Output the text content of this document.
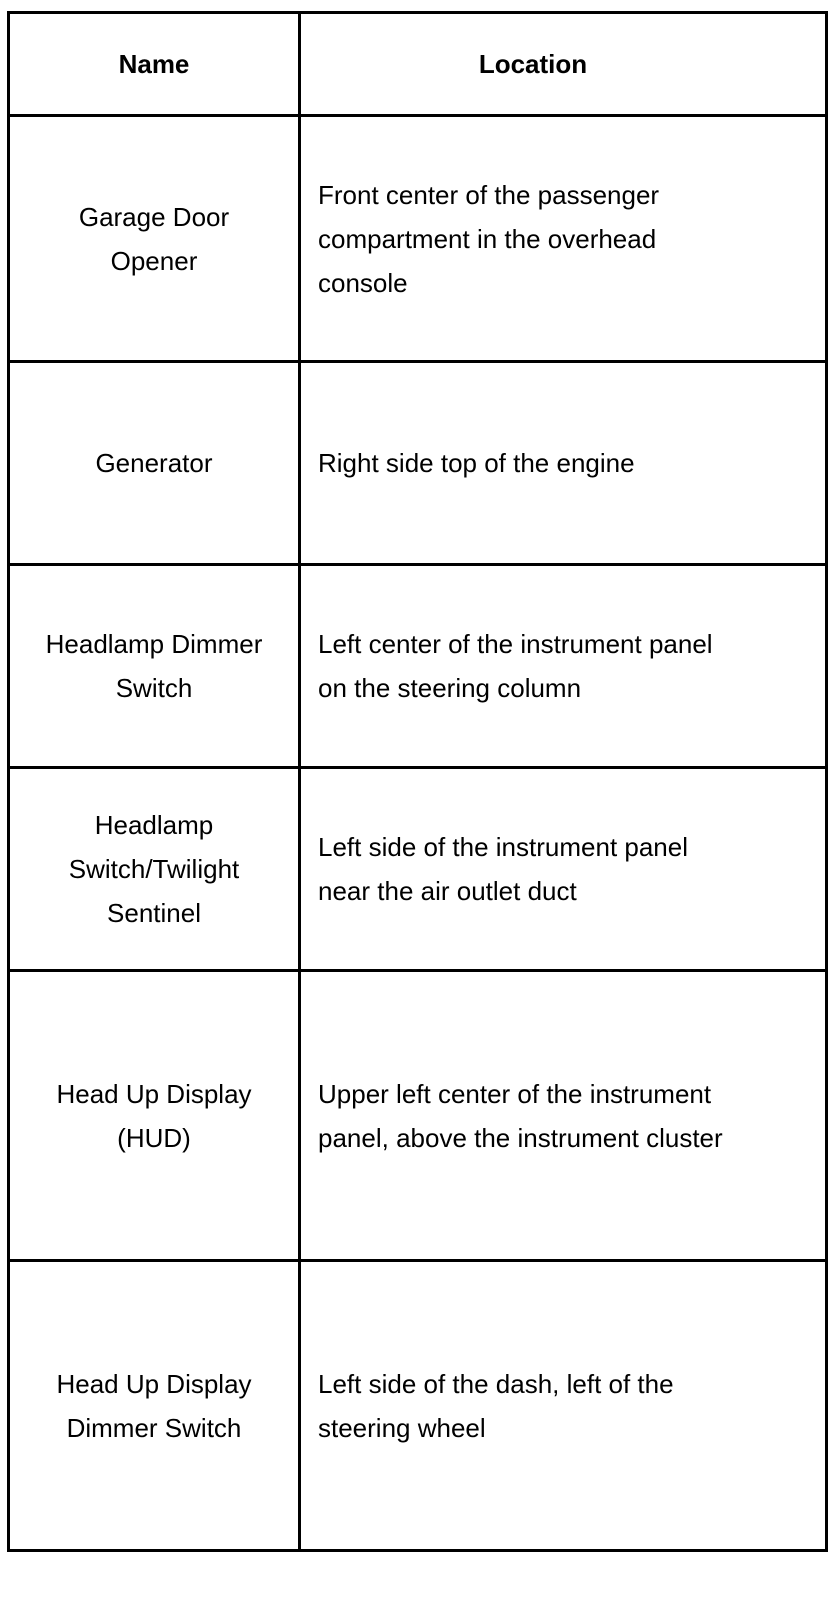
Name	Location

Garage Door
Opener	Front center of the passenger
compartment in the overhead
console

Generator	Right side top of the engine

Headlamp Dimmer
Switch	Left center of the instrument panel
on the steering column

Headlamp
Switch/Twilight
Sentinel	Left side of the instrument panel
near the air outlet duct

Head Up Display
(HUD)	Upper left center of the instrument
panel, above the instrument cluster

Head Up Display
Dimmer Switch	Left side of the dash, left of the
steering wheel
